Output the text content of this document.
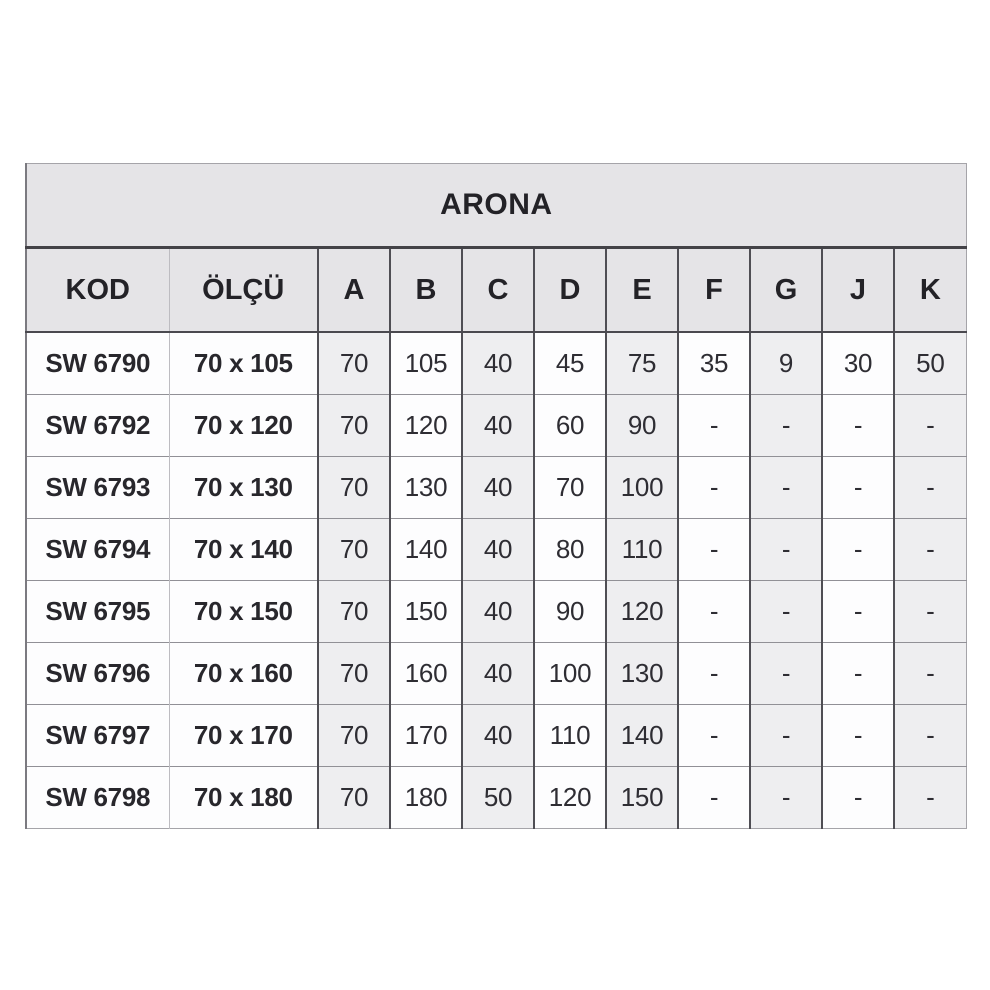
ARONA										
KOD	ÖLÇÜ	A	B	C	D	E	F	G	J	K
SW 6790	70 x 105	70	105	40	45	75	35	9	30	50
SW 6792	70 x 120	70	120	40	60	90	-	-	-	-
SW 6793	70 x 130	70	130	40	70	100	-	-	-	-
SW 6794	70 x 140	70	140	40	80	110	-	-	-	-
SW 6795	70 x 150	70	150	40	90	120	-	-	-	-
SW 6796	70 x 160	70	160	40	100	130	-	-	-	-
SW 6797	70 x 170	70	170	40	110	140	-	-	-	-
SW 6798	70 x 180	70	180	50	120	150	-	-	-	-
